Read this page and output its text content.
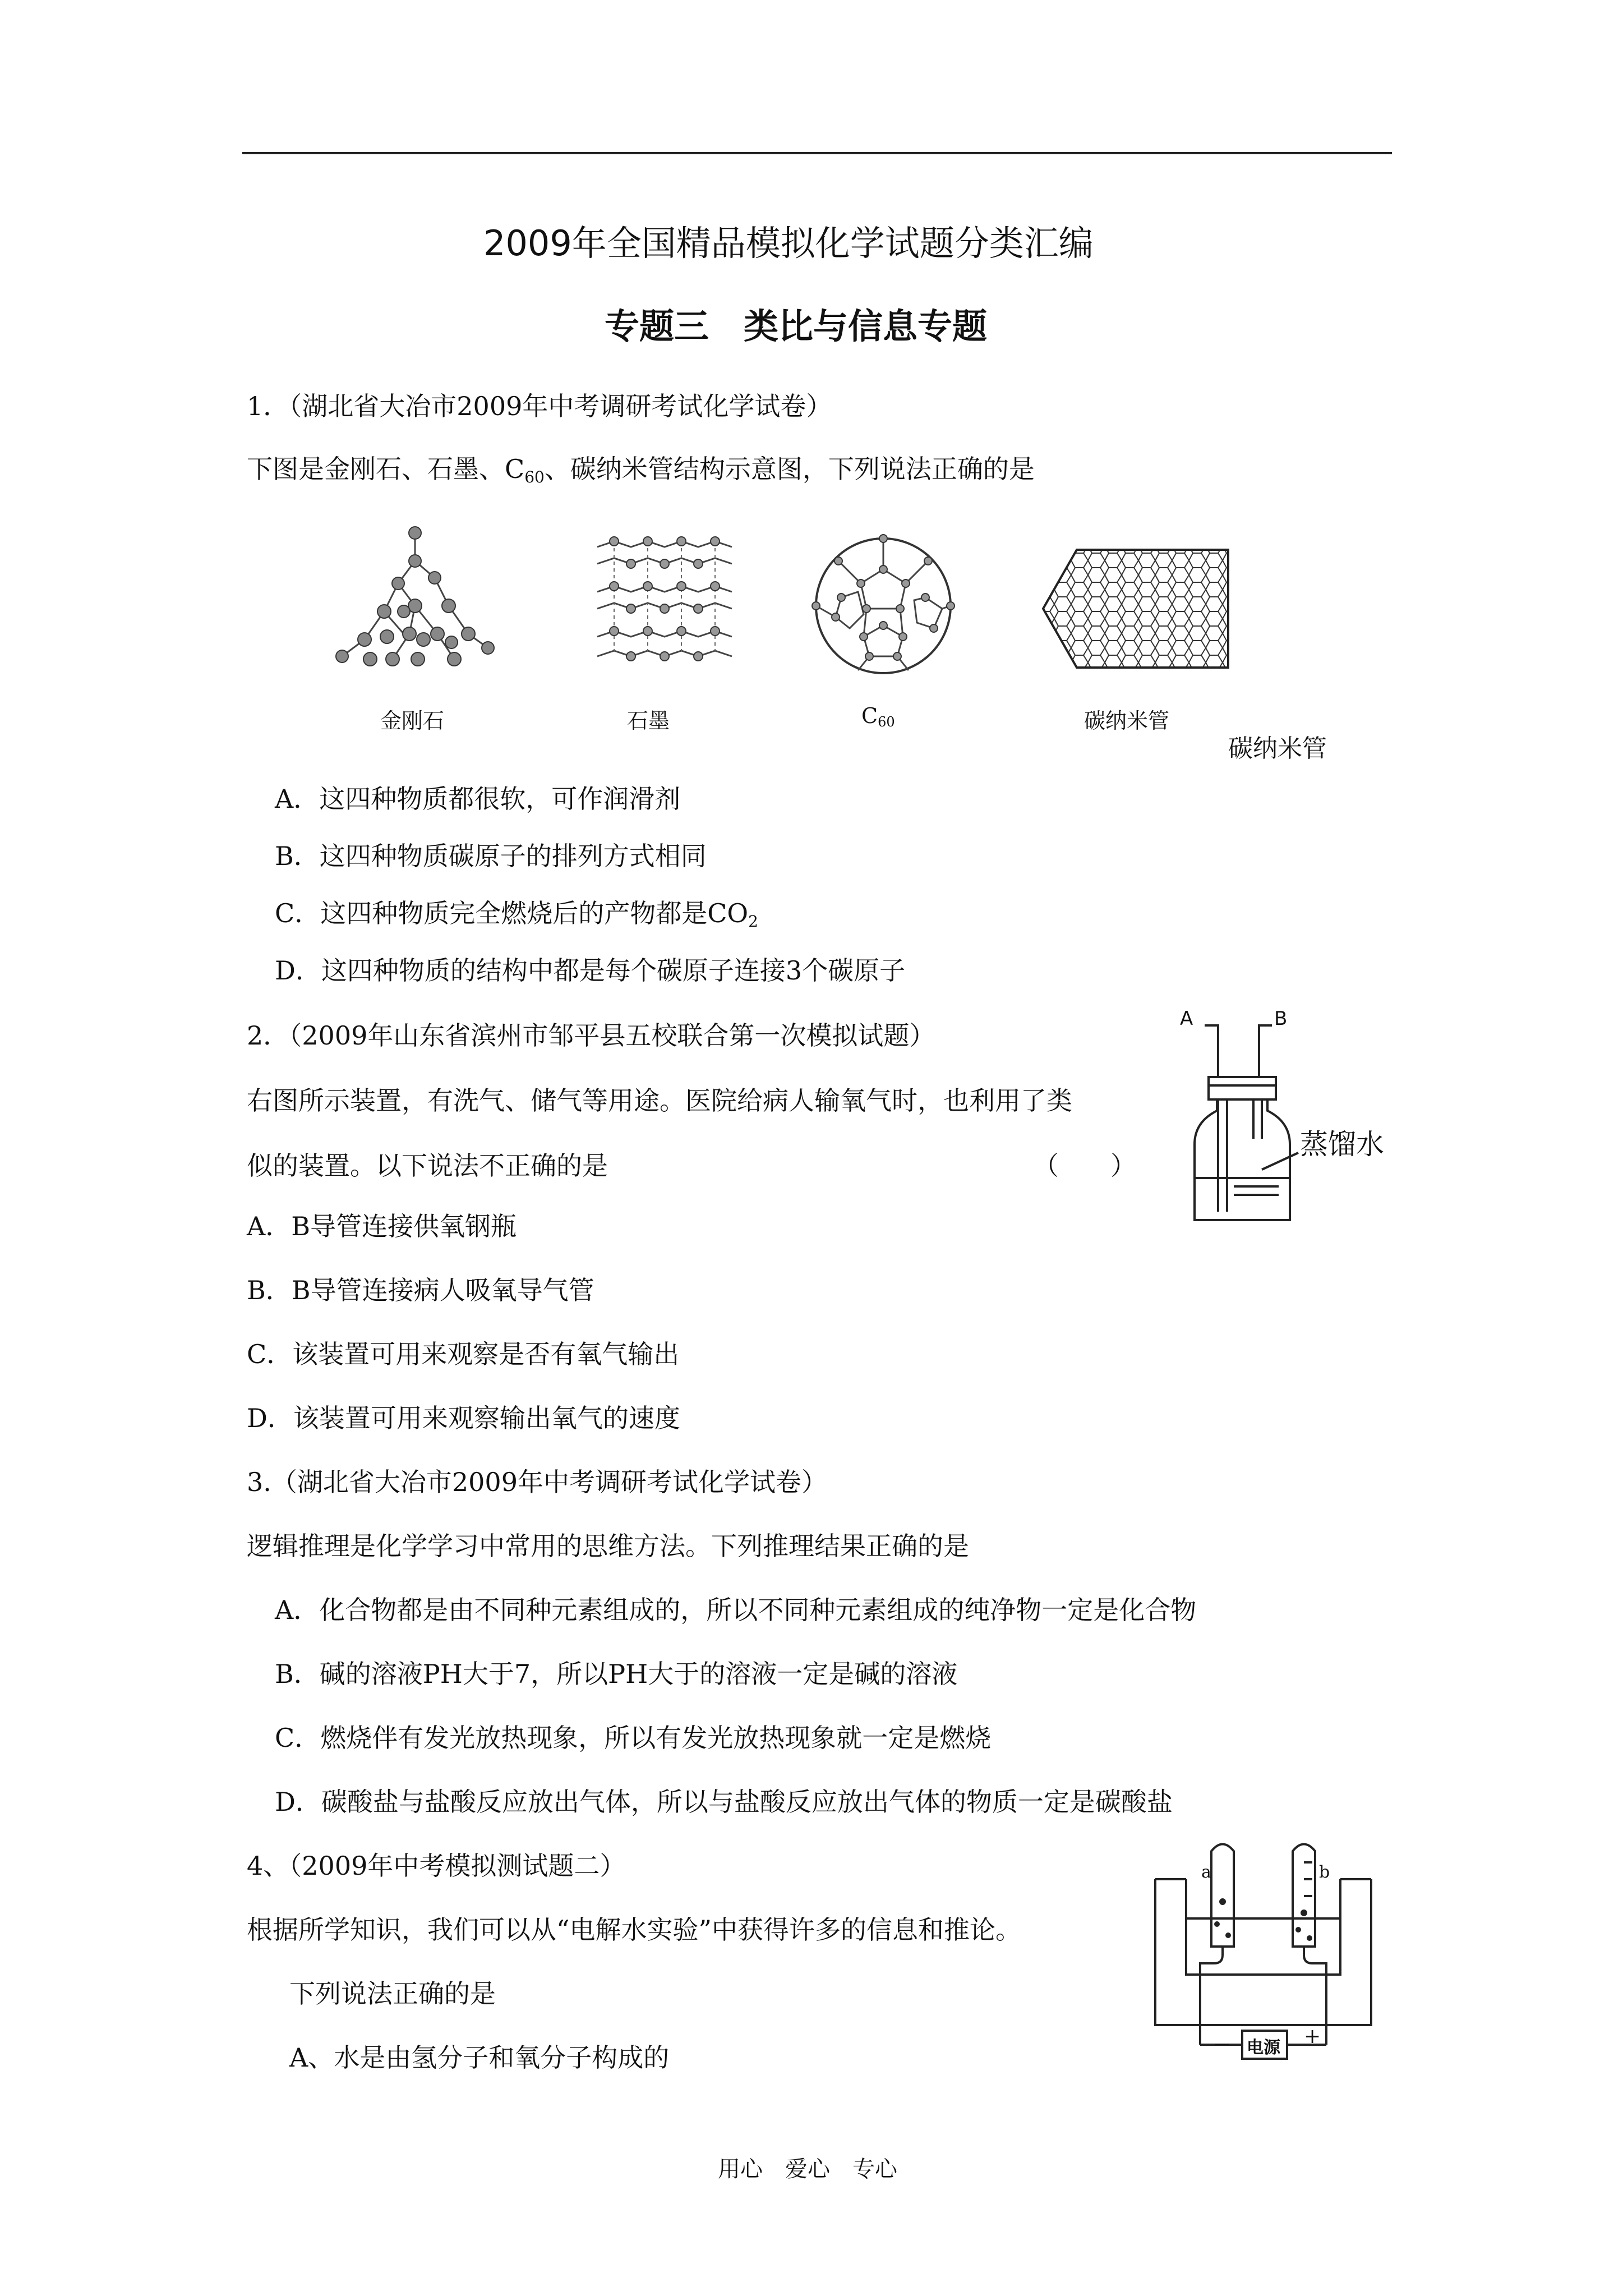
2009年全国精品模拟化学试题分类汇编
专题三　类比与信息专题
1．（湖北省大冶市2009年中考调研考试化学试卷）
下图是金刚石、石墨、$C_{60}$、碳纳米管结构示意图，下列说法正确的是
金刚石	石墨	C60	碳纳米管
碳纳米管
A．这四种物质都很软，可作润滑剂
B．这四种物质碳原子的排列方式相同
C．这四种物质完全燃烧后的产物都是$CO_2$
D．这四种物质的结构中都是每个碳原子连接3个碳原子
2．（2009年山东省滨州市邹平县五校联合第一次模拟试题）
右图所示装置，有洗气、储气等用途。医院给病人输氧气时，也利用了类
似的装置。以下说法不正确的是	（　　）
A	B
蒸馏水
A．B导管连接供氧钢瓶
B．B导管连接病人吸氧导气管
C．该装置可用来观察是否有氧气输出
D．该装置可用来观察输出氧气的速度
3.（湖北省大冶市2009年中考调研考试化学试卷）
逻辑推理是化学学习中常用的思维方法。下列推理结果正确的是
A．化合物都是由不同种元素组成的，所以不同种元素组成的纯净物一定是化合物
B．碱的溶液PH大于7，所以PH大于的溶液一定是碱的溶液
C．燃烧伴有发光放热现象，所以有发光放热现象就一定是燃烧
D．碳酸盐与盐酸反应放出气体，所以与盐酸反应放出气体的物质一定是碳酸盐
4、（2009年中考模拟测试题二）
根据所学知识，我们可以从“电解水实验”中获得许多的信息和推论。
下列说法正确的是
A、水是由氢分子和氧分子构成的
a	b
电源
－	+
用心　爱心　专心
